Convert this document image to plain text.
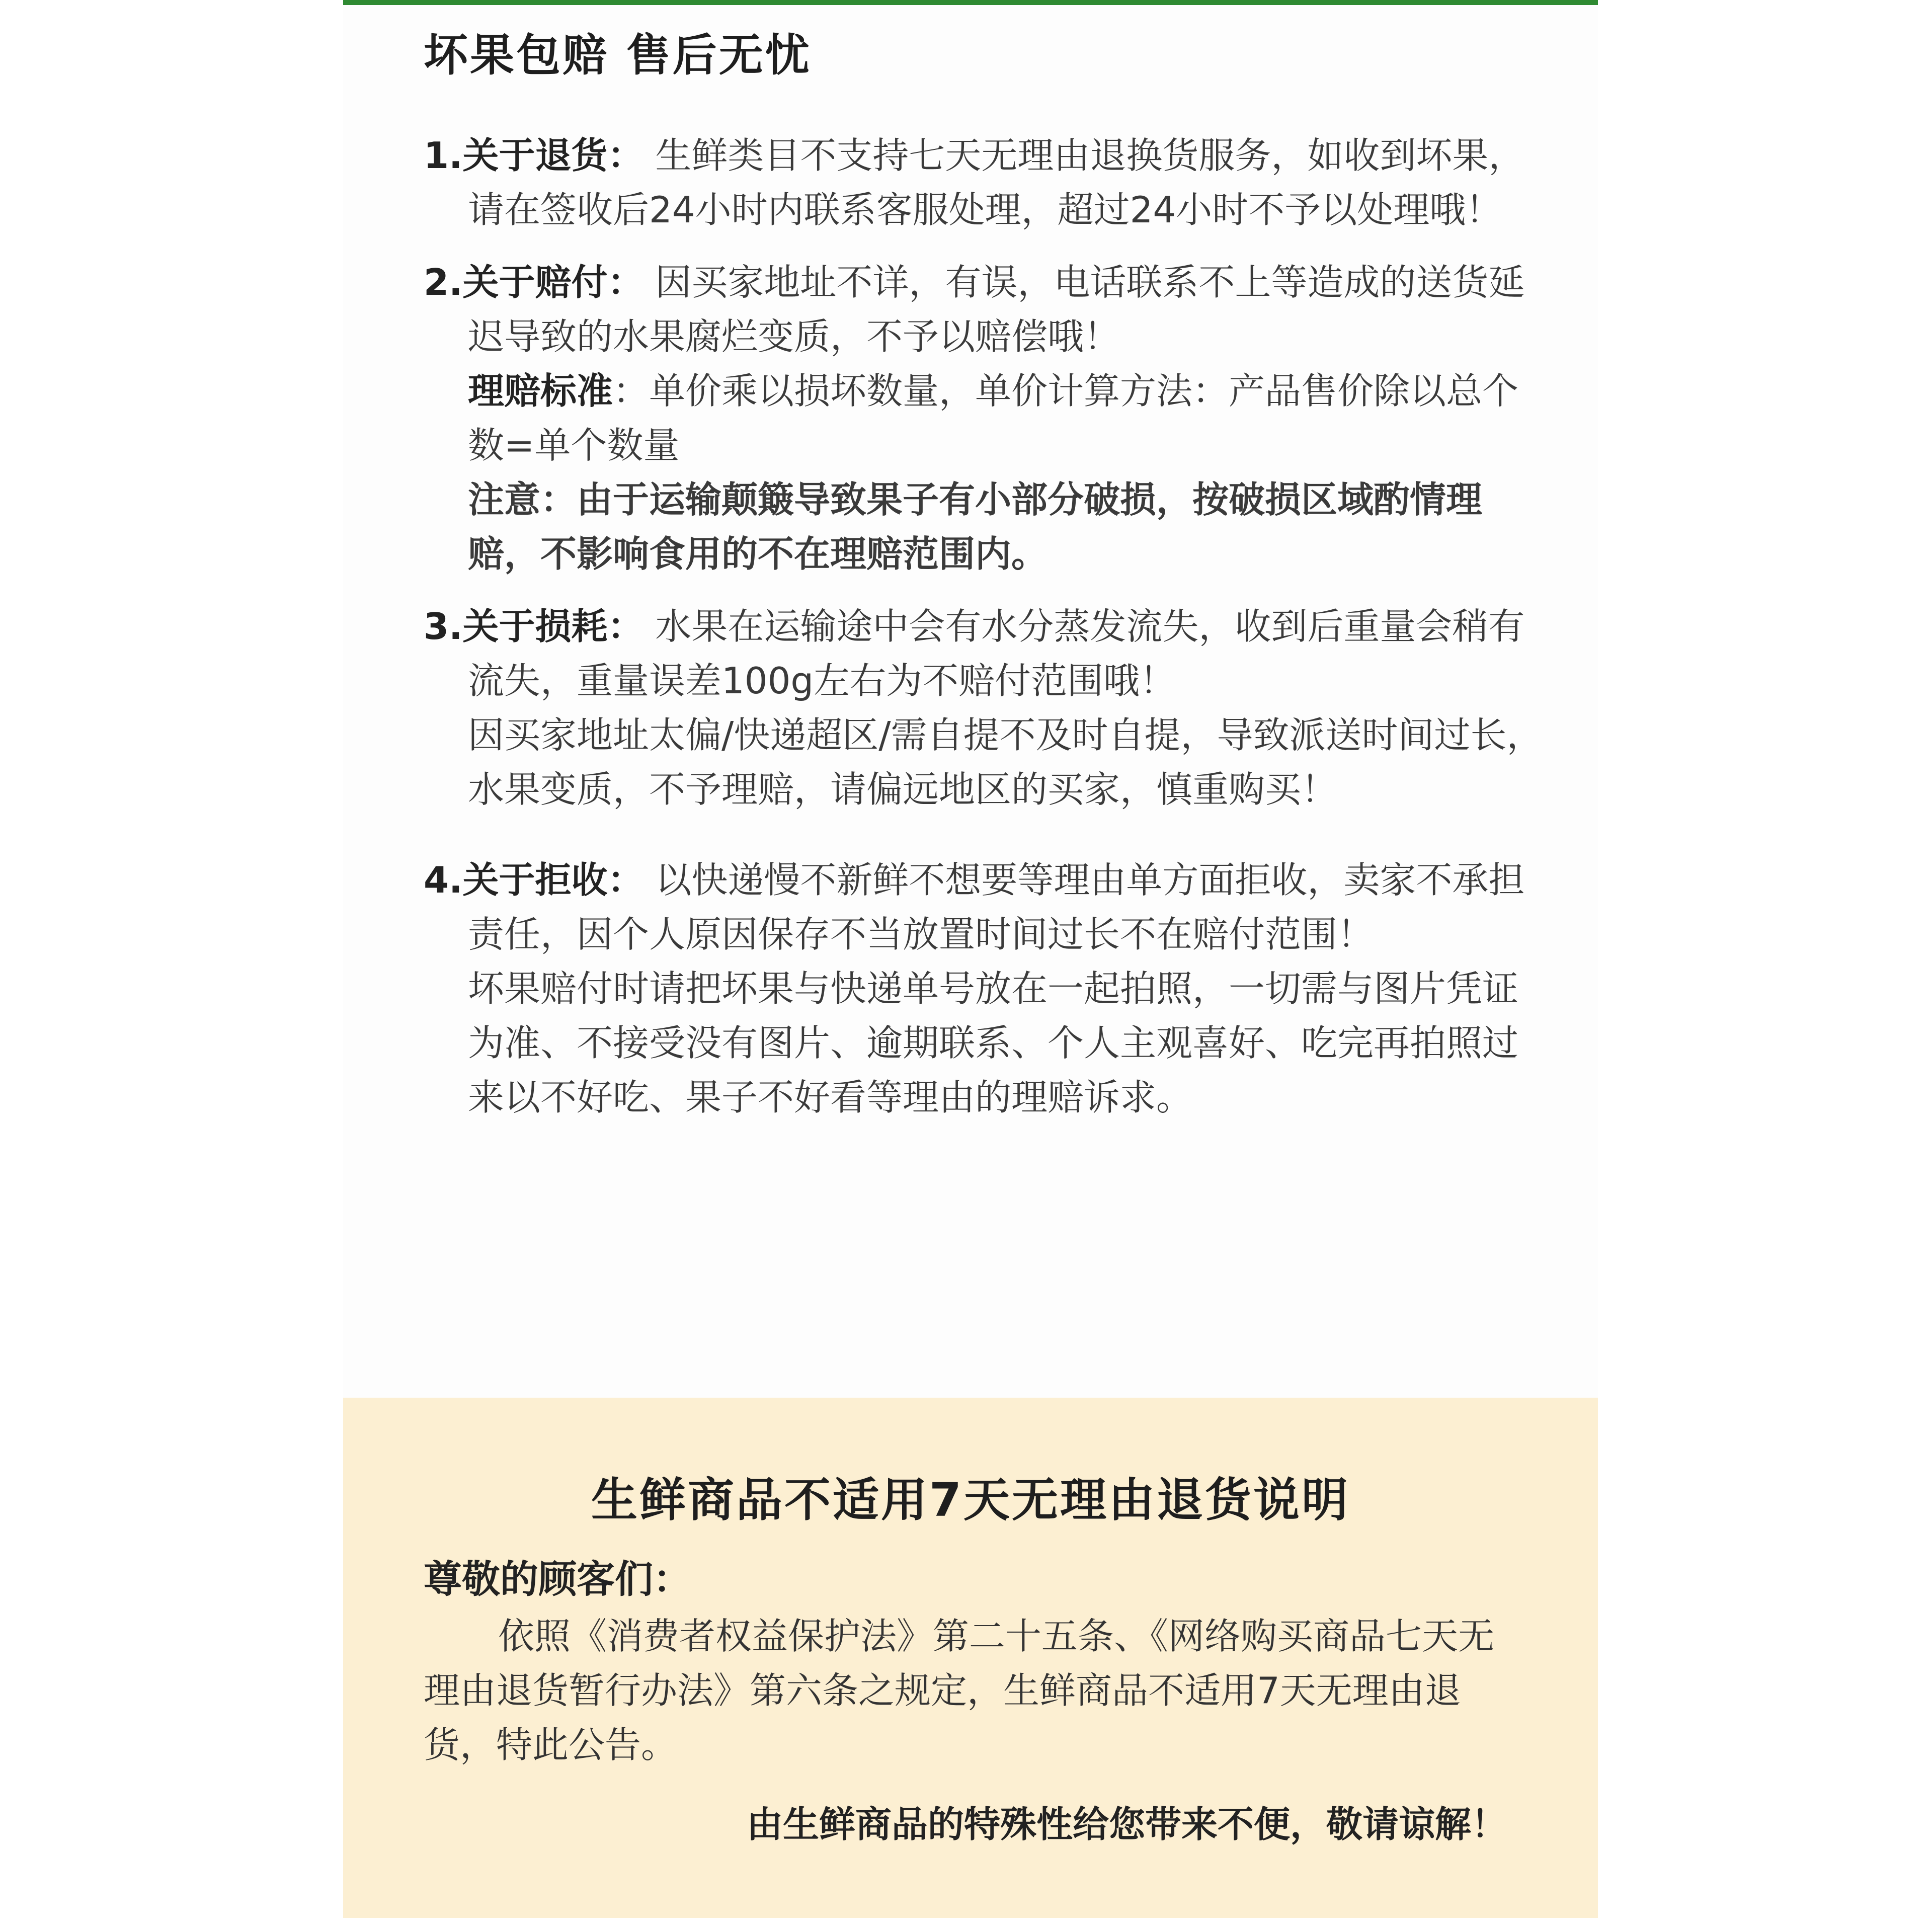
坏果包赔 售后无忧

1.关于退货： 生鲜类目不支持七天无理由退换货服务，如收到坏果，请在签收后24小时内联系客服处理，超过24小时不予以处理哦！

2.关于赔付： 因买家地址不详，有误，电话联系不上等造成的送货延迟导致的水果腐烂变质，不予以赔偿哦！

理赔标准：单价乘以损坏数量，单价计算方法：产品售价除以总个数=单个数量

注意：由于运输颠簸导致果子有小部分破损，按破损区域酌情理赔，不影响食用的不在理赔范围内。

3.关于损耗： 水果在运输途中会有水分蒸发流失，收到后重量会稍有流失，重量误差100g左右为不赔付范围哦！

因买家地址太偏/快递超区/需自提不及时自提，导致派送时间过长，水果变质，不予理赔，请偏远地区的买家，慎重购买！

4.关于拒收： 以快递慢不新鲜不想要等理由单方面拒收，卖家不承担责任，因个人原因保存不当放置时间过长不在赔付范围！

坏果赔付时请把坏果与快递单号放在一起拍照，一切需与图片凭证为准、不接受没有图片、逾期联系、个人主观喜好、吃完再拍照过来以不好吃、果子不好看等理由的理赔诉求。

生鲜商品不适用7天无理由退货说明
尊敬的顾客们：
依照《消费者权益保护法》第二十五条、《网络购买商品七天无理由退货暂行办法》第六条之规定，生鲜商品不适用7天无理由退货，特此公告。
由生鲜商品的特殊性给您带来不便，敬请谅解！
